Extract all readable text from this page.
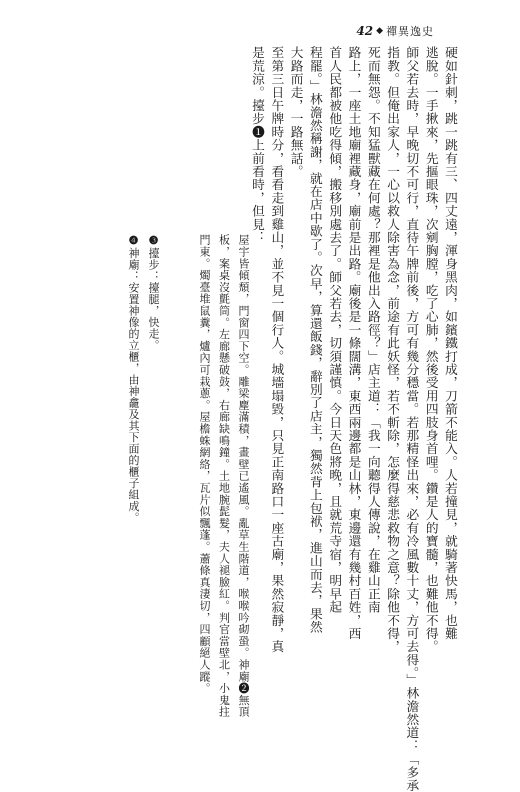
禪異逸史
◆
42
硬如針刺，跳一跳有三、四丈遠，渾身黑肉，如鑌鐵打成，刀箭不能入。人若撞見，就騎著快馬，也難
逃脫。一手揪來，先摳眼珠，次剜胸膛，吃了心肺，然後受用四肢身首哩。鑽是人的寶髓，也難他不得。
師父若去時，早晚切不可行，直待午牌前後，方可有幾分穩當。若那精怪出來，必有冷風數十丈，方可去得。」林澹然道：「多承
指教。但俺出家人，一心以救人除害為念，前途有此妖怪，若不斬除，怎麼得慈悲救物之意？除他不得，
死而無怨。不知猛獸藏在何處？那裡是他出入路徑？」店主道：「我一向聽得人傳說，在雞山正南
路上，一座土地廟裡藏身，廟前是出路。廟後是一條闊溝，東西兩邊都是山林，東邊還有幾村百姓，西
首人民都被他吃得傾，搬移別處去了。師父若去，切須謹慎。今日天色將晚，且就荒寺宿，明早起
程罷。」林澹然稱謝，就在店中歇了。次早，算還飯錢，辭別了店主，獨然背上包袱，進山而去，果然
大路而走，一路無話。
至第三日午牌時分，看看走到雞山，並不見一個行人。城墻塌毀，只見正南路口一座古廟，果然寂靜，真
是荒涼。擡步❶上前看時，但見：
屋宇皆傾頹，門窗四下空。雕梁塵滿積，畫壁已遙風。亂草生階道，喉喉吟砌蛩。神廟❷無頂
板，案桌沒氈筒。左廊懸破鼓，右廊缺鳴鐘。土地腕髭髮，夫人褪臉紅。判官當壁北，小鬼拄
門東。燭臺堆鼠糞，爐內可栽蔥。屋檐蛛網絡，瓦片似飄蓬。蕭條真淒切，四顧絕人蹤。
❸擡步：擡腿，快走。
❹神廟：安置神像的立櫃，由神龕及其下面的櫃子組成。
